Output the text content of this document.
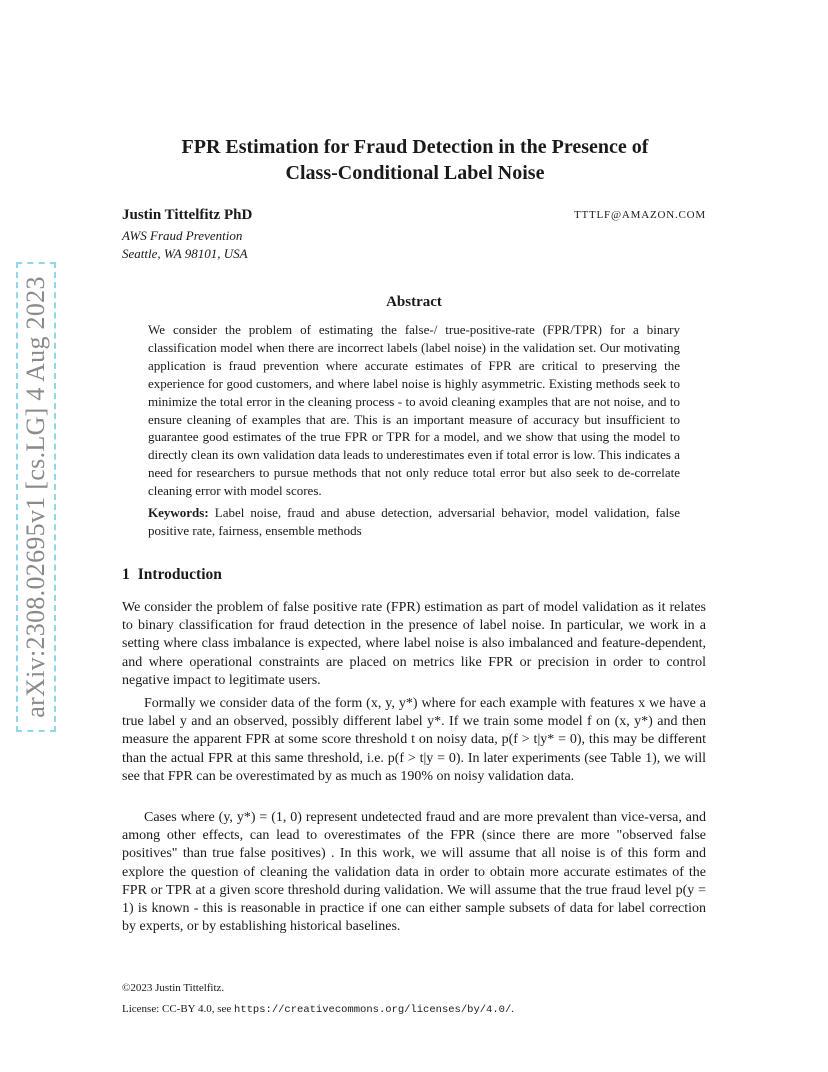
arXiv:2308.02695v1 [cs.LG] 4 Aug 2023
FPR Estimation for Fraud Detection in the Presence of
Class-Conditional Label Noise
Justin Tittelfitz PhD	TTTLF@AMAZON.COM
AWS Fraud Prevention
Seattle, WA 98101, USA
Abstract
We consider the problem of estimating the false-/ true-positive-rate (FPR/TPR) for a binary classification model when there are incorrect labels (label noise) in the validation set. Our motivating application is fraud prevention where accurate estimates of FPR are critical to preserving the experience for good customers, and where label noise is highly asymmetric. Existing methods seek to minimize the total error in the cleaning process - to avoid cleaning examples that are not noise, and to ensure cleaning of examples that are. This is an important measure of accuracy but insufficient to guarantee good estimates of the true FPR or TPR for a model, and we show that using the model to directly clean its own validation data leads to underestimates even if total error is low. This indicates a need for researchers to pursue methods that not only reduce total error but also seek to de-correlate cleaning error with model scores.
Keywords: Label noise, fraud and abuse detection, adversarial behavior, model validation, false positive rate, fairness, ensemble methods
1 Introduction
We consider the problem of false positive rate (FPR) estimation as part of model validation as it relates to binary classification for fraud detection in the presence of label noise. In particular, we work in a setting where class imbalance is expected, where label noise is also imbalanced and feature-dependent, and where operational constraints are placed on metrics like FPR or precision in order to control negative impact to legitimate users.
Formally we consider data of the form (x, y, y*) where for each example with features x we have a true label y and an observed, possibly different label y*. If we train some model f on (x, y*) and then measure the apparent FPR at some score threshold t on noisy data, p(f > t|y* = 0), this may be different than the actual FPR at this same threshold, i.e. p(f > t|y = 0). In later experiments (see Table 1), we will see that FPR can be overestimated by as much as 190% on noisy validation data.
Cases where (y, y*) = (1, 0) represent undetected fraud and are more prevalent than vice-versa, and among other effects, can lead to overestimates of the FPR (since there are more "observed false positives" than true false positives) . In this work, we will assume that all noise is of this form and explore the question of cleaning the validation data in order to obtain more accurate estimates of the FPR or TPR at a given score threshold during validation. We will assume that the true fraud level p(y = 1) is known - this is reasonable in practice if one can either sample subsets of data for label correction by experts, or by establishing historical baselines.
©2023 Justin Tittelfitz.
License: CC-BY 4.0, see https://creativecommons.org/licenses/by/4.0/.
